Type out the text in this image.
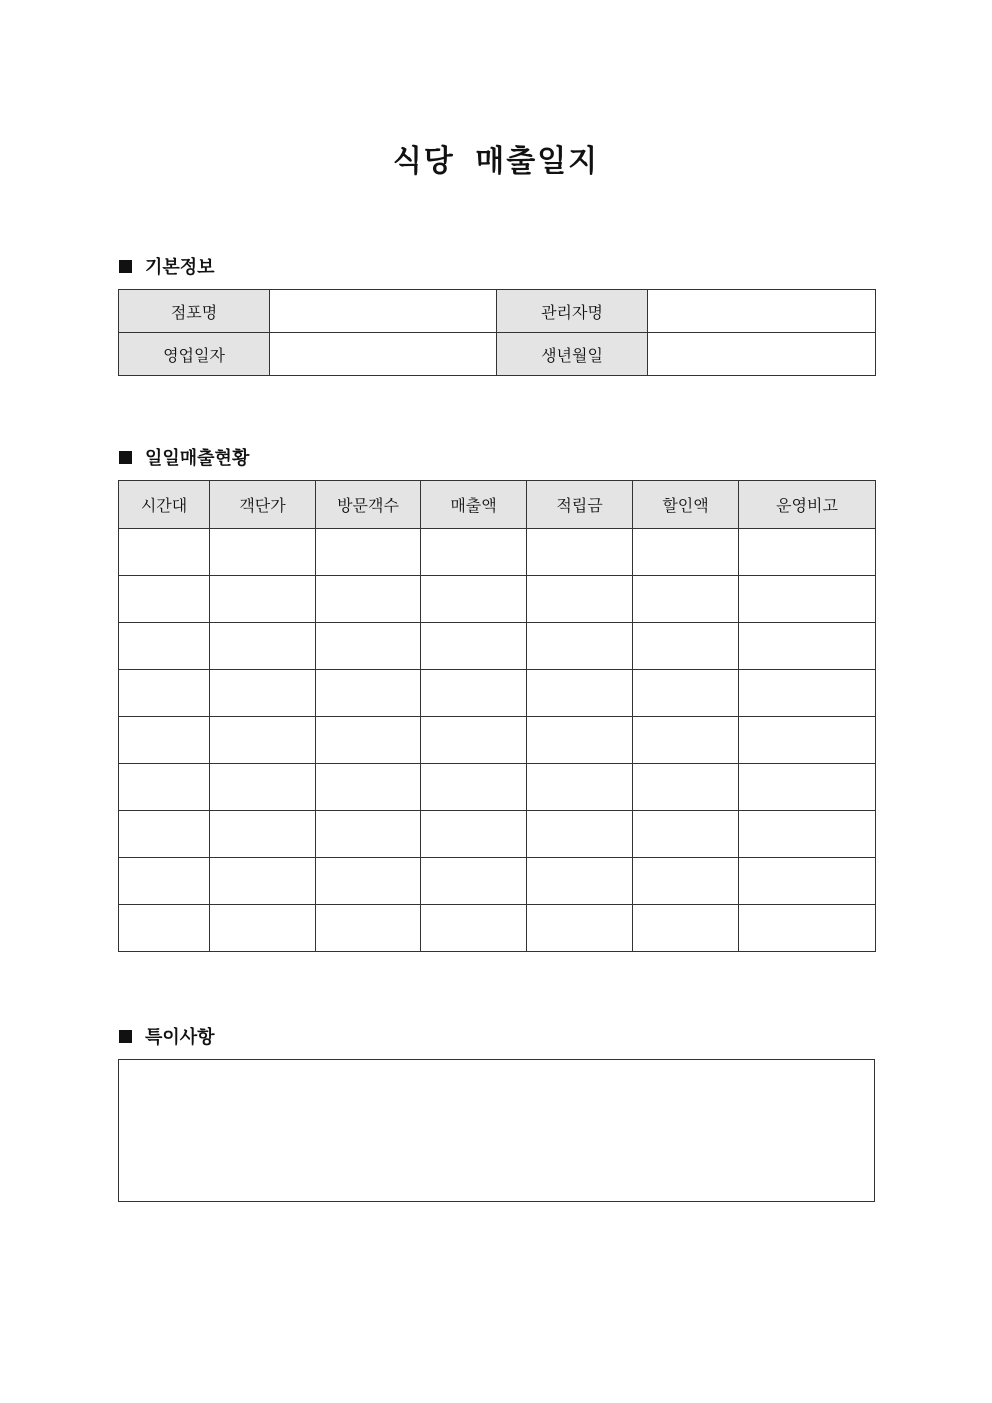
식당 매출일지
기본정보
점포명		관리자명	
영업일자		생년월일	
일일매출현황
시간대	객단가	방문객수	매출액	적립금	할인액	운영비고

특이사항
